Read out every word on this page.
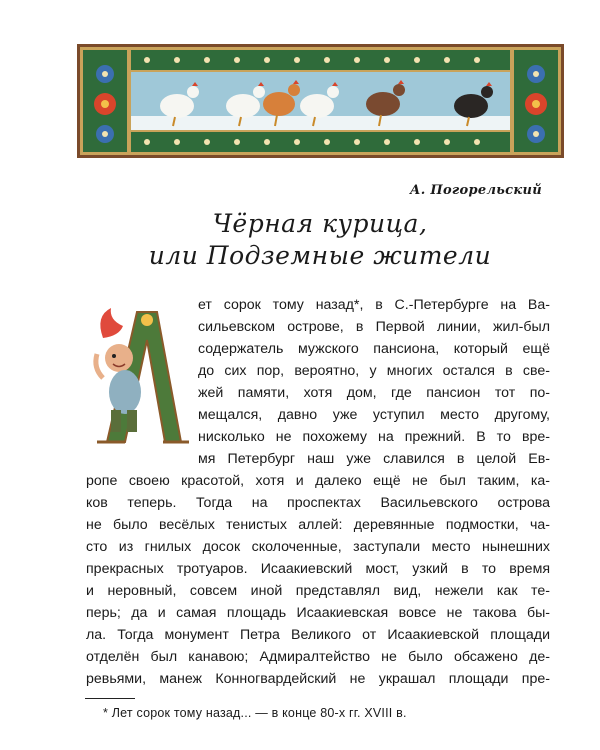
А. Погорельский
Чёрная курица,
или Подземные жители
ет сорок тому назад*, в С.-Петербурге на Ва-
сильевском острове, в Первой линии, жил-был
содержатель мужского пансиона, который ещё
до сих пор, вероятно, у многих остался в све-
жей памяти, хотя дом, где пансион тот по-
мещался, давно уже уступил место другому,
нисколько не похожему на прежний. В то вре-
мя Петербург наш уже славился в целой Ев-
ропе своею красотой, хотя и далеко ещё не был таким, ка-
ков теперь. Тогда на проспектах Васильевского острова
не было весёлых тенистых аллей: деревянные подмостки, ча-
сто из гнилых досок сколоченные, заступали место нынешних
прекрасных тротуаров. Исаакиевский мост, узкий в то время
и неровный, совсем иной представлял вид, нежели как те-
перь; да и самая площадь Исаакиевская вовсе не такова бы-
ла. Тогда монумент Петра Великого от Исаакиевской площади
отделён был канавою; Адмиралтейство не было обсажено де-
ревьями, манеж Конногвардейский не украшал площади пре-
* Лет сорок тому назад... — в конце 80-х гг. XVIII в.
